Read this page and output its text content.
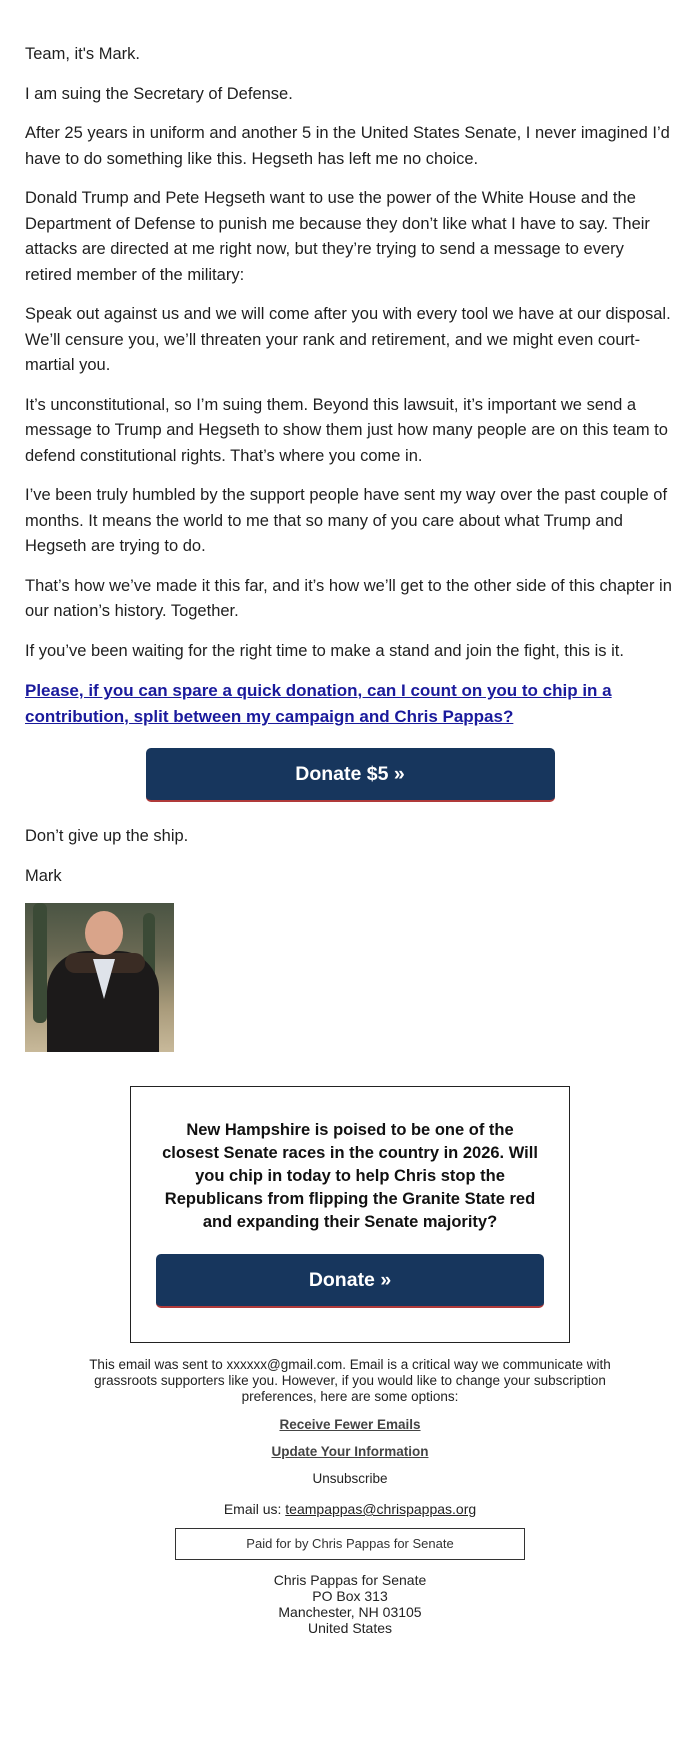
Team, it's Mark.

I am suing the Secretary of Defense.

After 25 years in uniform and another 5 in the United States Senate, I never imagined I’d have to do something like this. Hegseth has left me no choice.

Donald Trump and Pete Hegseth want to use the power of the White House and the Department of Defense to punish me because they don’t like what I have to say. Their attacks are directed at me right now, but they’re trying to send a message to every retired member of the military:

Speak out against us and we will come after you with every tool we have at our disposal. We’ll censure you, we’ll threaten your rank and retirement, and we might even court-martial you.

It’s unconstitutional, so I’m suing them. Beyond this lawsuit, it’s important we send a message to Trump and Hegseth to show them just how many people are on this team to defend constitutional rights. That’s where you come in.

I’ve been truly humbled by the support people have sent my way over the past couple of months. It means the world to me that so many of you care about what Trump and Hegseth are trying to do.

That’s how we’ve made it this far, and it’s how we’ll get to the other side of this chapter in our nation’s history. Together.

If you’ve been waiting for the right time to make a stand and join the fight, this is it.

Please, if you can spare a quick donation, can I count on you to chip in a contribution, split between my campaign and Chris Pappas?
Donate $5 »

Don’t give up the ship.

Mark

New Hampshire is poised to be one of the closest Senate races in the country in 2026. Will you chip in today to help Chris stop the Republicans from flipping the Granite State red and expanding their Senate majority?

Donate »
This email was sent to xxxxxx@gmail.com. Email is a critical way we communicate with grassroots supporters like you. However, if you would like to change your subscription preferences, here are some options:
Receive Fewer Emails
Update Your Information
Unsubscribe
Email us: teampappas@chrispappas.org
Paid for by Chris Pappas for Senate
Chris Pappas for Senate
PO Box 313
Manchester, NH 03105
United States
